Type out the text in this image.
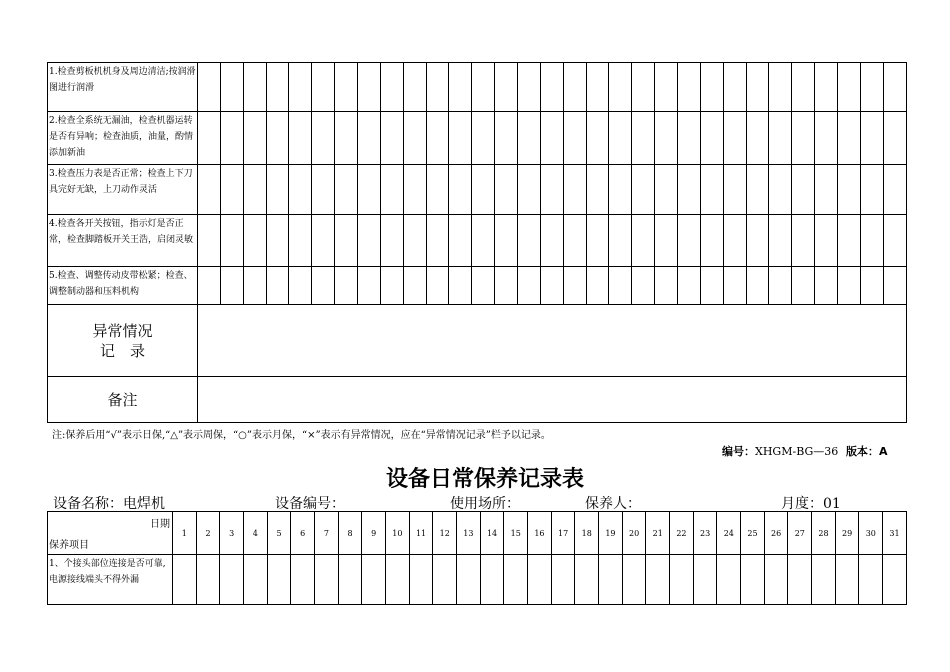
1.检查剪板机机身及周边清洁;按润滑图进行润滑																															
2.检查全系统无漏油，检查机器运转是否有异响；检查油质，油量，酌情添加新油																															
3.检查压力表是否正常；检查上下刀具完好无缺，上刀动作灵活																															
4.检查各开关按钮，指示灯是否正常，检查脚踏板开关王浩，启闭灵敏																															
5.检查、调整传动皮带松紧；检查、调整制动器和压料机构																															

异常情况
记　录																															

备注																															
注:保养后用“√”表示日保,“△”表示周保，“○”表示月保，“×”表示有异常情况，应在“异常情况记录”栏予以记录。
编号：XHGM-BG—36 版本：A
设备日常保养记录表
设备名称：电焊机	设备编号：	使用场所：	保养人：	月度：01
日期
保养项目	1	2	3	4	5	6	7	8	9	10	11	12	13	14	15	16	17	18	19	20	21	22	23	24	25	26	27	28	29	30	31
1、个接头部位连接是否可靠,电源接线端头不得外漏																															
